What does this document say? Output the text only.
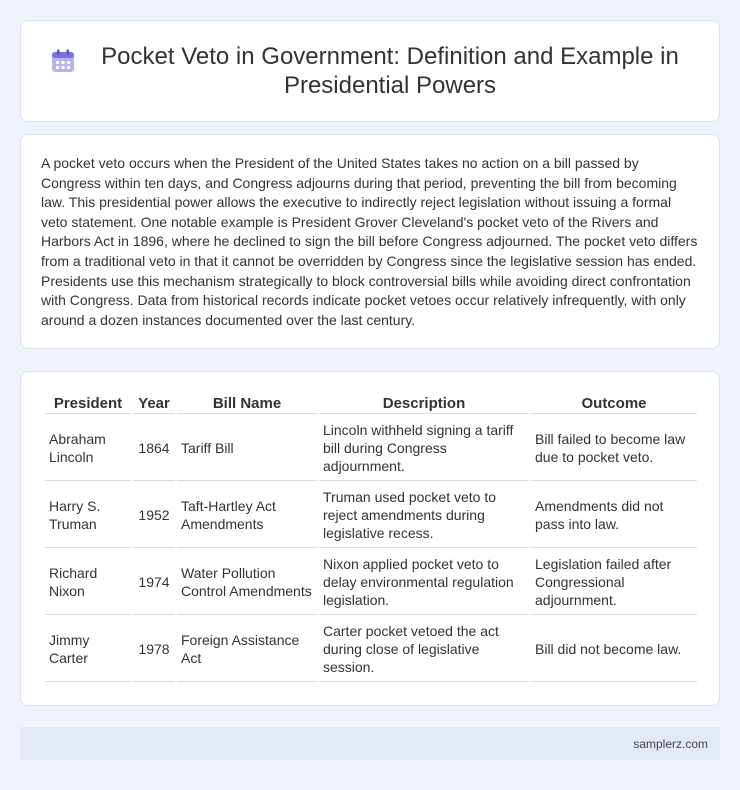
Pocket Veto in Government: Definition and Example in Presidential Powers

A pocket veto occurs when the President of the United States takes no action on a bill passed by Congress within ten days, and Congress adjourns during that period, preventing the bill from becoming law. This presidential power allows the executive to indirectly reject legislation without issuing a formal veto statement. One notable example is President Grover Cleveland's pocket veto of the Rivers and Harbors Act in 1896, where he declined to sign the bill before Congress adjourned. The pocket veto differs from a traditional veto in that it cannot be overridden by Congress since the legislative session has ended. Presidents use this mechanism strategically to block controversial bills while avoiding direct confrontation with Congress. Data from historical records indicate pocket vetoes occur relatively infrequently, with only around a dozen instances documented over the last century.

President	Year	Bill Name	Description	Outcome
Abraham Lincoln	1864	Tariff Bill	Lincoln withheld signing a tariff bill during Congress adjournment.	Bill failed to become law due to pocket veto.
Harry S. Truman	1952	Taft-Hartley Act Amendments	Truman used pocket veto to reject amendments during legislative recess.	Amendments did not pass into law.
Richard Nixon	1974	Water Pollution Control Amendments	Nixon applied pocket veto to delay environmental regulation legislation.	Legislation failed after Congressional adjournment.
Jimmy Carter	1978	Foreign Assistance Act	Carter pocket vetoed the act during close of legislative session.	Bill did not become law.
samplerz.com
